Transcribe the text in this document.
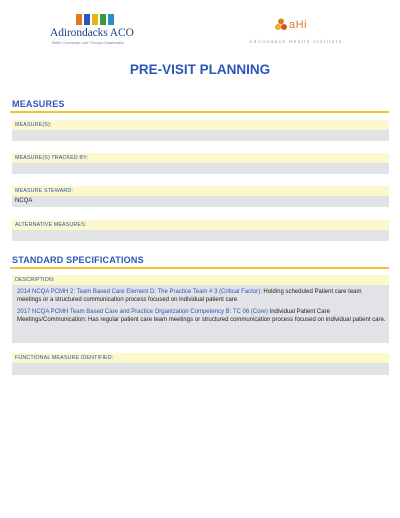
Adirondacks ACO
Better Community Care Through Collaboration
aHi
Adirondack Health Institute
PRE-VISIT PLANNING
MEASURES
MEASURE(S):
MEASURE(S) TRACKED BY:
MEASURE STEWARD:
NCQA
ALTERNATIVE MEASURES:
STANDARD SPECIFICATIONS
DESCRIPTION:
2014 NCQA PCMH 2: Team Based Care Element D: The Practice Team # 3 (Critical Factor): Holding scheduled Patient care team meetings or a structured communication process focused on individual patient care
2017 NCQA PCMH Team Based Care and Practice Organization Competency B: TC 06 (Core) Individual Patient Care Meetings/Communication: Has regular patient care team meetings or structured communication process focused on individual patient care.
FUNCTIONAL MEASURE IDENTIFIED:
